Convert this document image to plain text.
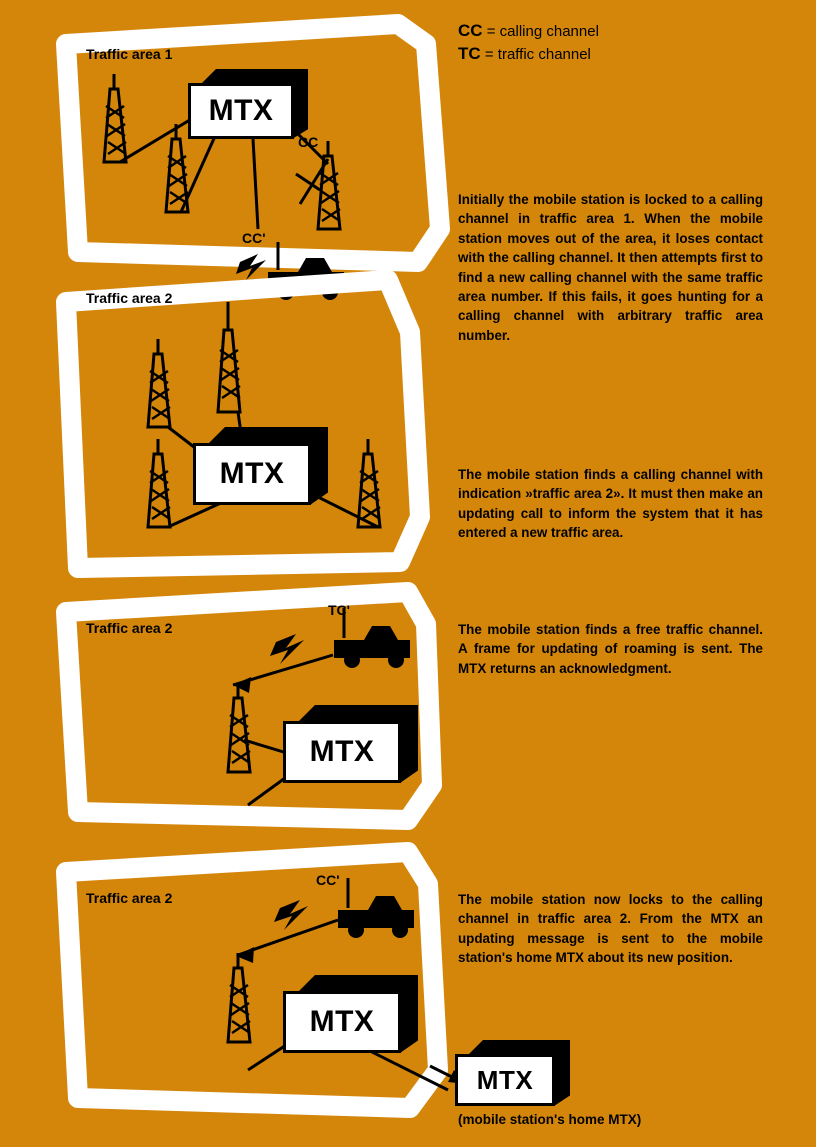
CC = calling channel
TC = traffic channel
Traffic area 1
MTX
CC
CC'
Traffic area 2
MTX
Traffic area 2
TC'
MTX
Traffic area 2
CC'
MTX
MTX
(mobile station's home MTX)
Initially the mobile station is locked to a calling channel in traffic area 1. When the mobile station moves out of the area, it loses contact with the calling channel. It then attempts first to find a new calling channel with the same traffic area number. If this fails, it goes hunting for a calling channel with arbitrary traffic area number.
The mobile station finds a calling channel with indication »traffic area 2». It must then make an updating call to inform the system that it has entered a new traffic area.
The mobile station finds a free traffic channel. A frame for updating of roaming is sent. The MTX returns an acknowledgment.
The mobile station now locks to the calling channel in traffic area 2. From the MTX an updating message is sent to the mobile station's home MTX about its new position.
